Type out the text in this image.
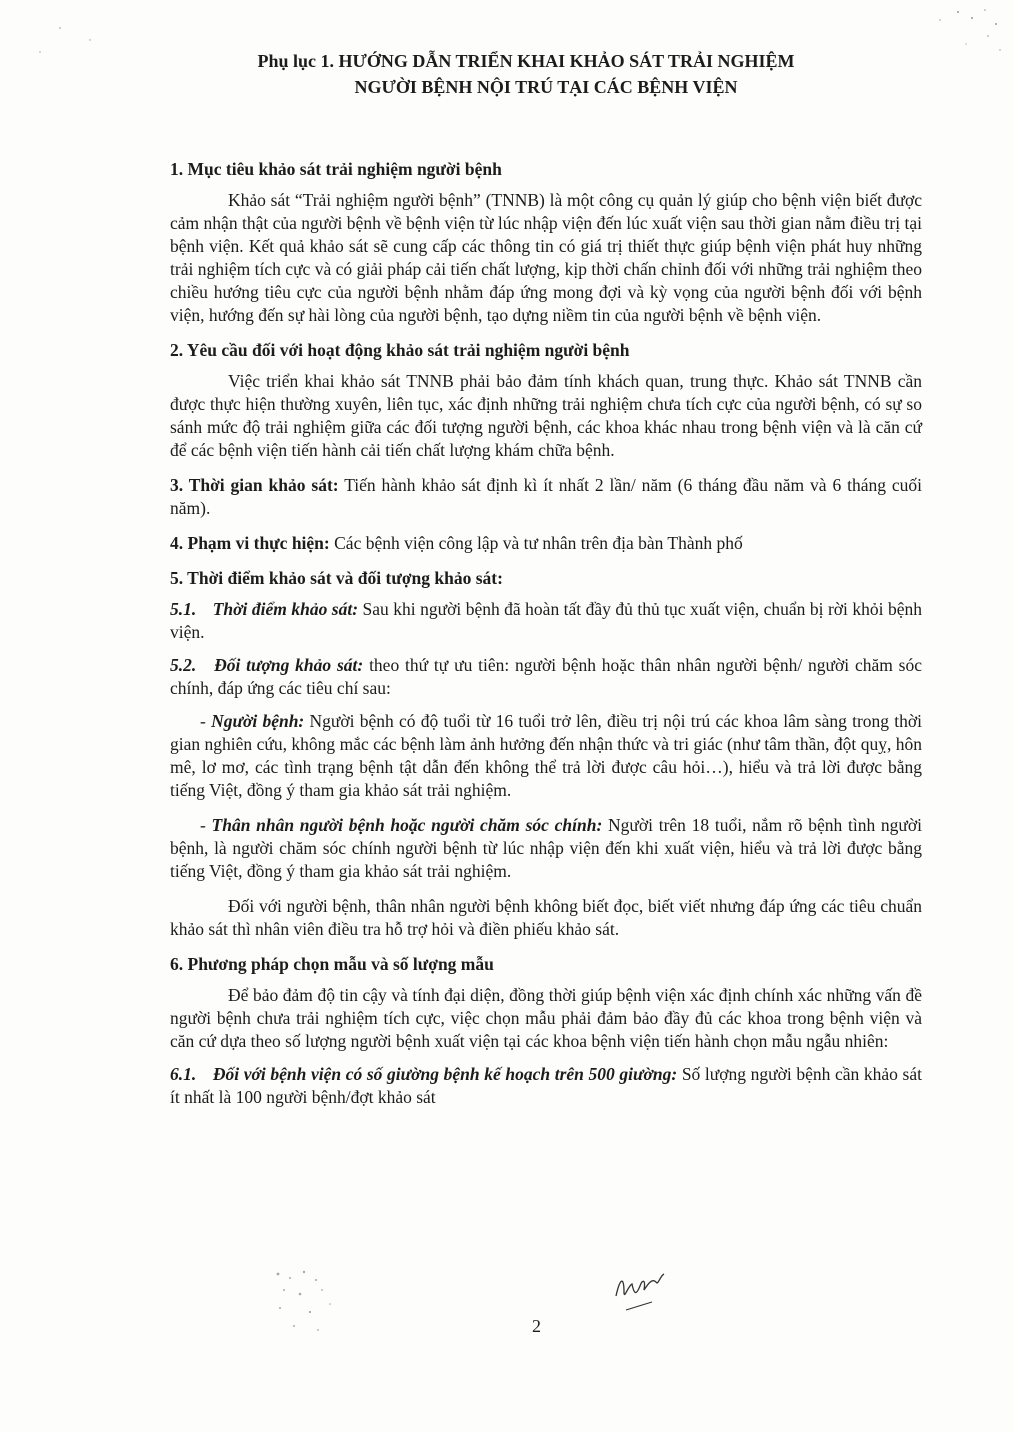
Phụ lục 1. HƯỚNG DẪN TRIỂN KHAI KHẢO SÁT TRẢI NGHIỆM
NGƯỜI BỆNH NỘI TRÚ TẠI CÁC BỆNH VIỆN
1. Mục tiêu khảo sát trải nghiệm người bệnh
Khảo sát “Trải nghiệm người bệnh” (TNNB) là một công cụ quản lý giúp cho bệnh viện biết được cảm nhận thật của người bệnh về bệnh viện từ lúc nhập viện đến lúc xuất viện sau thời gian nằm điều trị tại bệnh viện. Kết quả khảo sát sẽ cung cấp các thông tin có giá trị thiết thực giúp bệnh viện phát huy những trải nghiệm tích cực và có giải pháp cải tiến chất lượng, kịp thời chấn chỉnh đối với những trải nghiệm theo chiều hướng tiêu cực của người bệnh nhằm đáp ứng mong đợi và kỳ vọng của người bệnh đối với bệnh viện, hướng đến sự hài lòng của người bệnh, tạo dựng niềm tin của người bệnh về bệnh viện.
2. Yêu cầu đối với hoạt động khảo sát trải nghiệm người bệnh
Việc triển khai khảo sát TNNB phải bảo đảm tính khách quan, trung thực. Khảo sát TNNB cần được thực hiện thường xuyên, liên tục, xác định những trải nghiệm chưa tích cực của người bệnh, có sự so sánh mức độ trải nghiệm giữa các đối tượng người bệnh, các khoa khác nhau trong bệnh viện và là căn cứ để các bệnh viện tiến hành cải tiến chất lượng khám chữa bệnh.
3. Thời gian khảo sát: Tiến hành khảo sát định kì ít nhất 2 lần/ năm (6 tháng đầu năm và 6 tháng cuối năm).
4. Phạm vi thực hiện: Các bệnh viện công lập và tư nhân trên địa bàn Thành phố
5. Thời điểm khảo sát và đối tượng khảo sát:
5.1. Thời điểm khảo sát: Sau khi người bệnh đã hoàn tất đầy đủ thủ tục xuất viện, chuẩn bị rời khỏi bệnh viện.
5.2. Đối tượng khảo sát: theo thứ tự ưu tiên: người bệnh hoặc thân nhân người bệnh/ người chăm sóc chính, đáp ứng các tiêu chí sau:
- Người bệnh: Người bệnh có độ tuổi từ 16 tuổi trở lên, điều trị nội trú các khoa lâm sàng trong thời gian nghiên cứu, không mắc các bệnh làm ảnh hưởng đến nhận thức và tri giác (như tâm thần, đột quỵ, hôn mê, lơ mơ, các tình trạng bệnh tật dẫn đến không thể trả lời được câu hỏi…), hiểu và trả lời được bằng tiếng Việt, đồng ý tham gia khảo sát trải nghiệm.
- Thân nhân người bệnh hoặc người chăm sóc chính: Người trên 18 tuổi, nắm rõ bệnh tình người bệnh, là người chăm sóc chính người bệnh từ lúc nhập viện đến khi xuất viện, hiểu và trả lời được bằng tiếng Việt, đồng ý tham gia khảo sát trải nghiệm.
Đối với người bệnh, thân nhân người bệnh không biết đọc, biết viết nhưng đáp ứng các tiêu chuẩn khảo sát thì nhân viên điều tra hỗ trợ hỏi và điền phiếu khảo sát.
6. Phương pháp chọn mẫu và số lượng mẫu
Để bảo đảm độ tin cậy và tính đại diện, đồng thời giúp bệnh viện xác định chính xác những vấn đề người bệnh chưa trải nghiệm tích cực, việc chọn mẫu phải đảm bảo đầy đủ các khoa trong bệnh viện và căn cứ dựa theo số lượng người bệnh xuất viện tại các khoa bệnh viện tiến hành chọn mẫu ngẫu nhiên:
6.1. Đối với bệnh viện có số giường bệnh kế hoạch trên 500 giường: Số lượng người bệnh cần khảo sát ít nhất là 100 người bệnh/đợt khảo sát
2
